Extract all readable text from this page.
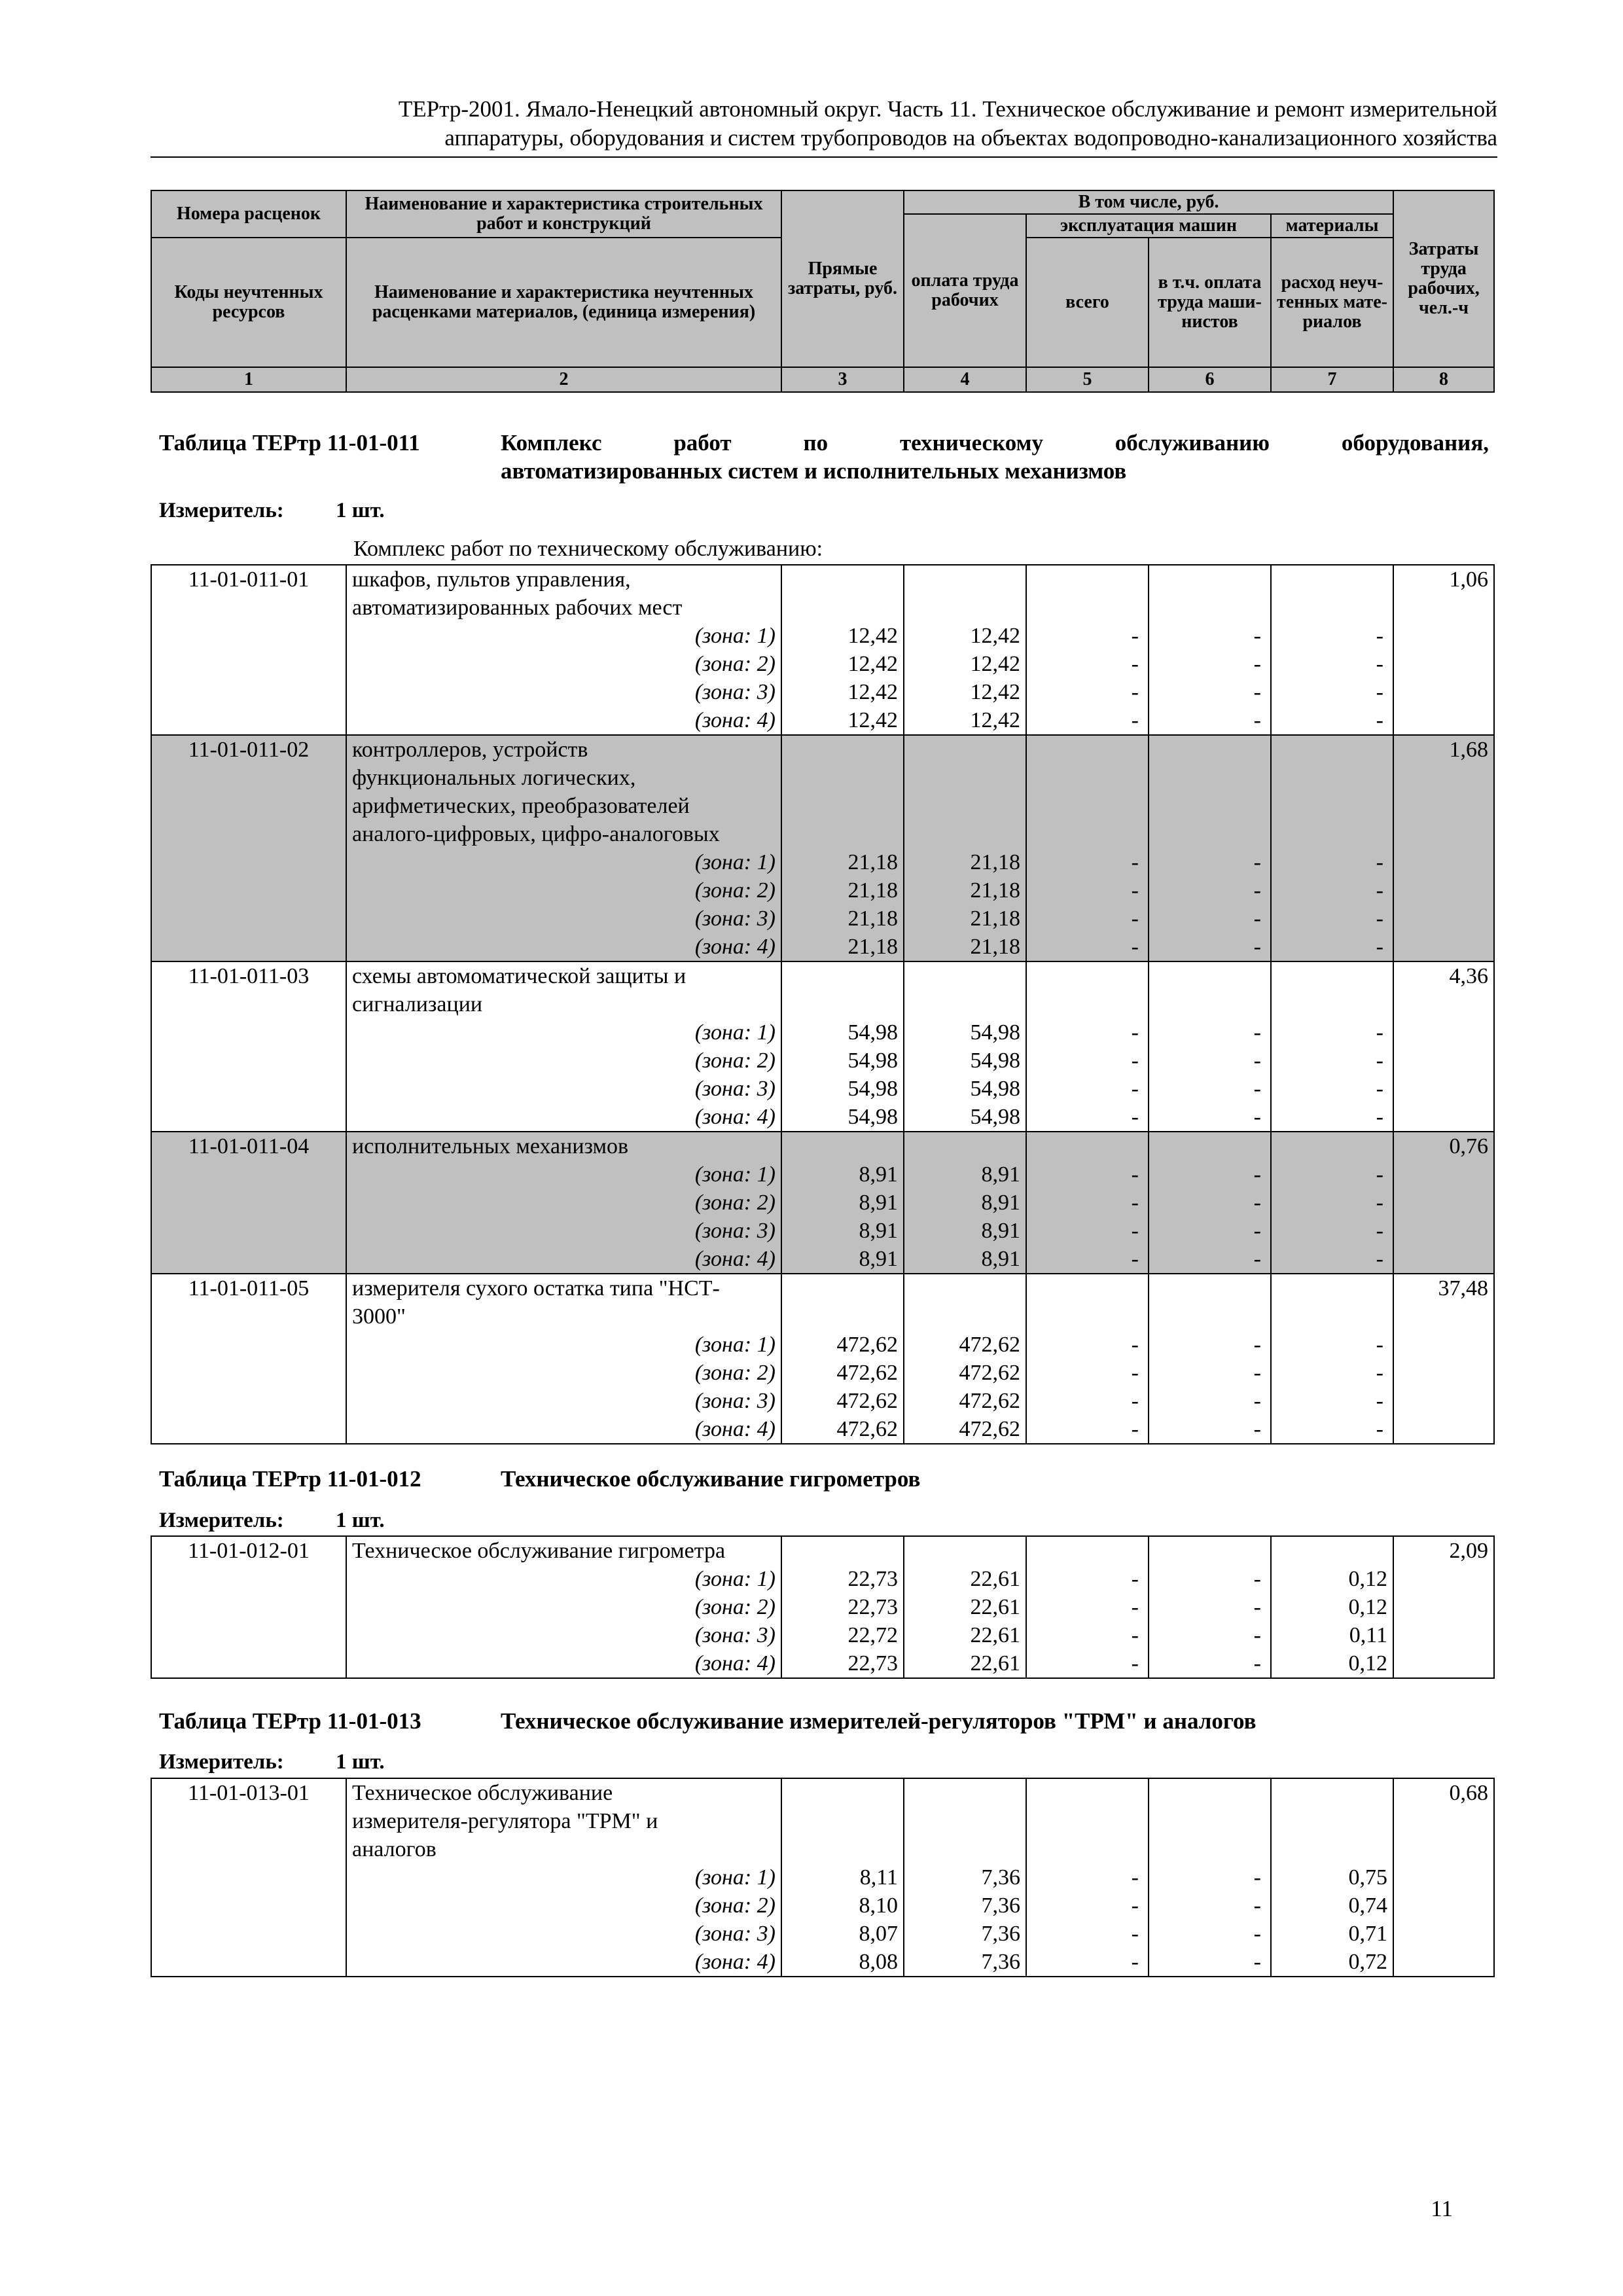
ТЕРтр-2001. Ямало-Ненецкий автономный округ. Часть 11. Техническое обслуживание и ремонт измерительной
аппаратуры, оборудования и систем трубопроводов на объектах водопроводно-канализационного хозяйства
Номера расценок	Наименование и характеристика строительных работ и конструкций	Прямые затраты, руб.	В том числе, руб.				Затраты труда рабочих, чел.-ч
			оплата труда рабочих	эксплуатация машин		материалы	
Коды неучтенных ресурсов	Наименование и характеристика неучтенных расценками материалов, (единица измерения)			всего	в т.ч. оплата труда маши- нистов	расход неуч- тенных мате- риалов	

1	2	3	4	5	6	7	8
Таблица ТЕРтр 11-01-011	Комплекс работ по техническому обслуживанию оборудования,
автоматизированных систем и исполнительных механизмов
Измеритель: 1 шт.
Комплекс работ по техническому обслуживанию:
11-01-011-01	шкафов, пультов управления,						1,06
	автоматизированных рабочих мест						
	(зона: 1)	12,42	12,42	-	-	-	
	(зона: 2)	12,42	12,42	-	-	-	
	(зона: 3)	12,42	12,42	-	-	-	
	(зона: 4)	12,42	12,42	-	-	-	
11-01-011-02	контроллеров, устройств						1,68
	функциональных логических,						
	арифметических, преобразователей						
	аналого-цифровых, цифро-аналоговых						
	(зона: 1)	21,18	21,18	-	-	-	
	(зона: 2)	21,18	21,18	-	-	-	
	(зона: 3)	21,18	21,18	-	-	-	
	(зона: 4)	21,18	21,18	-	-	-	
11-01-011-03	схемы автомоматической защиты и						4,36
	сигнализации						
	(зона: 1)	54,98	54,98	-	-	-	
	(зона: 2)	54,98	54,98	-	-	-	
	(зона: 3)	54,98	54,98	-	-	-	
	(зона: 4)	54,98	54,98	-	-	-	
11-01-011-04	исполнительных механизмов						0,76
	(зона: 1)	8,91	8,91	-	-	-	
	(зона: 2)	8,91	8,91	-	-	-	
	(зона: 3)	8,91	8,91	-	-	-	
	(зона: 4)	8,91	8,91	-	-	-	
11-01-011-05	измерителя сухого остатка типа "НСТ-						37,48
	3000"						
	(зона: 1)	472,62	472,62	-	-	-	
	(зона: 2)	472,62	472,62	-	-	-	
	(зона: 3)	472,62	472,62	-	-	-	
	(зона: 4)	472,62	472,62	-	-	-	
Таблица ТЕРтр 11-01-012	Техническое обслуживание гигрометров
Измеритель: 1 шт.
11-01-012-01	Техническое обслуживание гигрометра						2,09
	(зона: 1)	22,73	22,61	-	-	0,12	
	(зона: 2)	22,73	22,61	-	-	0,12	
	(зона: 3)	22,72	22,61	-	-	0,11	
	(зона: 4)	22,73	22,61	-	-	0,12	
Таблица ТЕРтр 11-01-013	Техническое обслуживание измерителей-регуляторов "ТРМ" и аналогов
Измеритель: 1 шт.
11-01-013-01	Техническое обслуживание						0,68
	измерителя-регулятора "ТРМ" и						
	аналогов						
	(зона: 1)	8,11	7,36	-	-	0,75	
	(зона: 2)	8,10	7,36	-	-	0,74	
	(зона: 3)	8,07	7,36	-	-	0,71	
	(зона: 4)	8,08	7,36	-	-	0,72	
11
